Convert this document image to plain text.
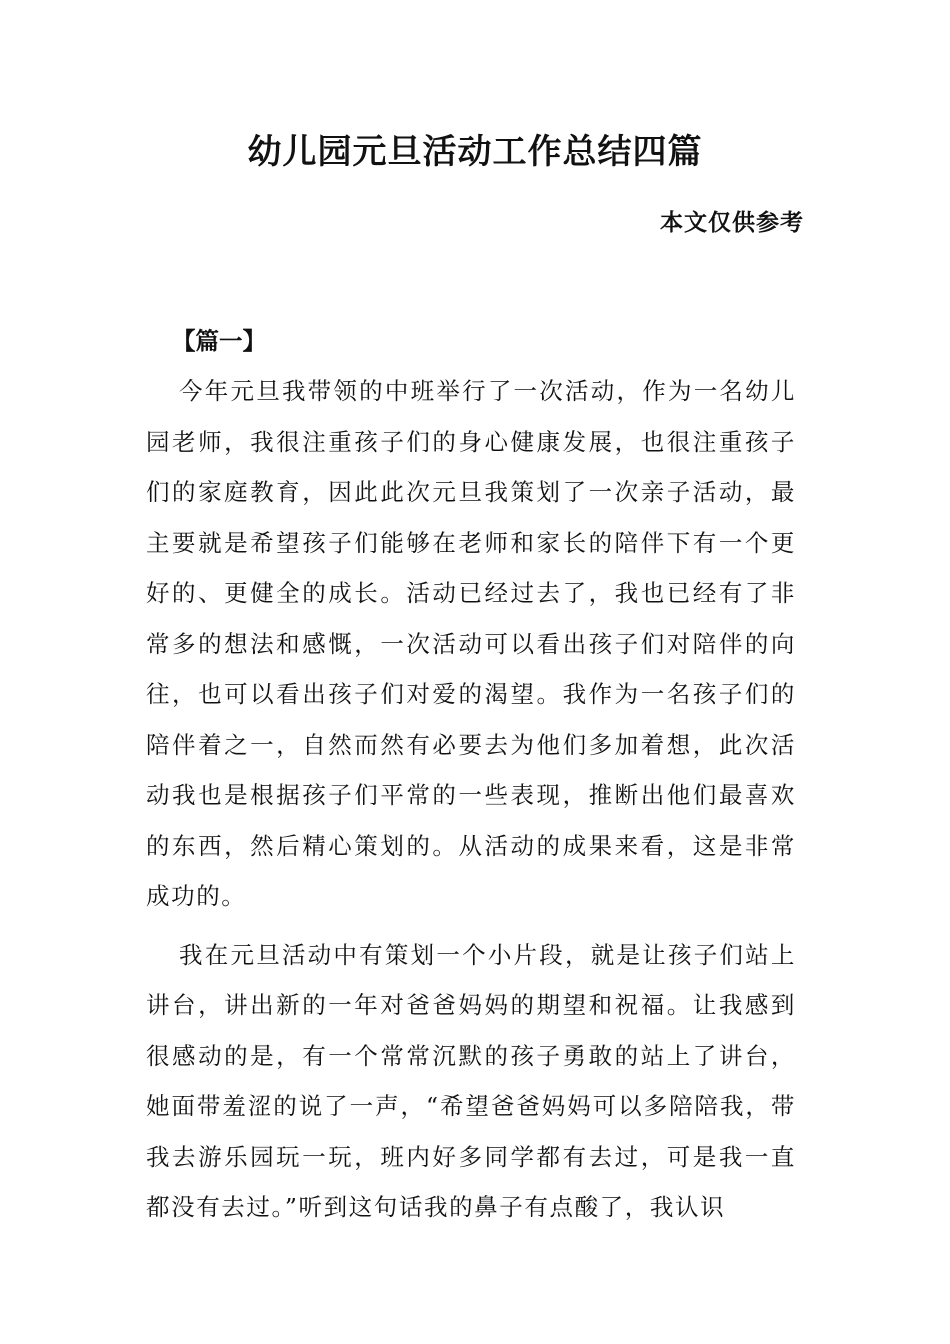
幼儿园元旦活动工作总结四篇
本文仅供参考

【篇一】

今年元旦我带领的中班举行了一次活动，作为一名幼儿园老师，我很注重孩子们的身心健康发展，也很注重孩子们的家庭教育，因此此次元旦我策划了一次亲子活动，最主要就是希望孩子们能够在老师和家长的陪伴下有一个更好的、更健全的成长。活动已经过去了，我也已经有了非常多的想法和感慨，一次活动可以看出孩子们对陪伴的向往，也可以看出孩子们对爱的渴望。我作为一名孩子们的陪伴着之一，自然而然有必要去为他们多加着想，此次活动我也是根据孩子们平常的一些表现，推断出他们最喜欢的东西，然后精心策划的。从活动的成果来看，这是非常成功的。

我在元旦活动中有策划一个小片段，就是让孩子们站上讲台，讲出新的一年对爸爸妈妈的期望和祝福。让我感到很感动的是，有一个常常沉默的孩子勇敢的站上了讲台，她面带羞涩的说了一声，“希望爸爸妈妈可以多陪陪我，带我去游乐园玩一玩，班内好多同学都有去过，可是我一直都没有去过。”听到这句话我的鼻子有点酸了，我认识
